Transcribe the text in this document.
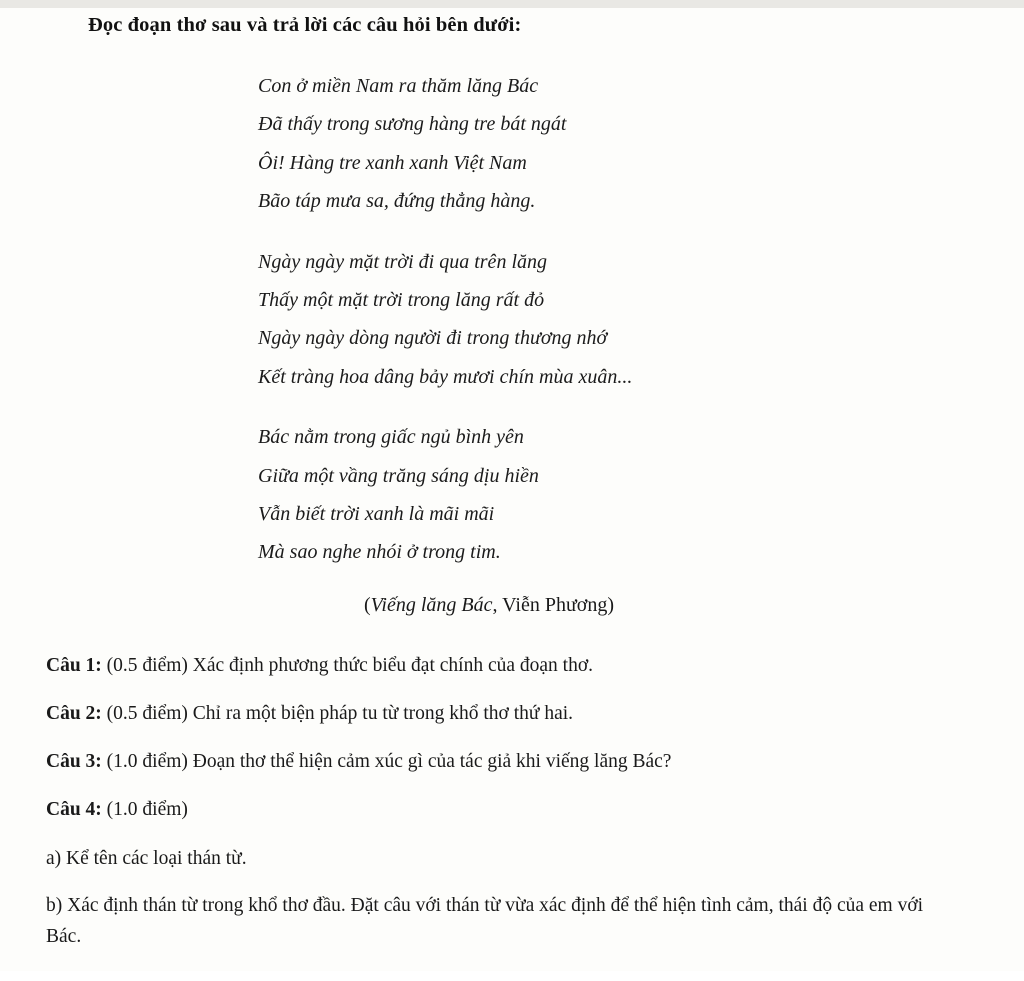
Đọc đoạn thơ sau và trả lời các câu hỏi bên dưới:
Con ở miền Nam ra thăm lăng Bác
Đã thấy trong sương hàng tre bát ngát
Ôi! Hàng tre xanh xanh Việt Nam
Bão táp mưa sa, đứng thẳng hàng.
Ngày ngày mặt trời đi qua trên lăng
Thấy một mặt trời trong lăng rất đỏ
Ngày ngày dòng người đi trong thương nhớ
Kết tràng hoa dâng bảy mươi chín mùa xuân...
Bác nằm trong giấc ngủ bình yên
Giữa một vầng trăng sáng dịu hiền
Vẫn biết trời xanh là mãi mãi
Mà sao nghe nhói ở trong tim.
(Viếng lăng Bác, Viễn Phương)
Câu 1: (0.5 điểm) Xác định phương thức biểu đạt chính của đoạn thơ.
Câu 2: (0.5 điểm) Chỉ ra một biện pháp tu từ trong khổ thơ thứ hai.
Câu 3: (1.0 điểm) Đoạn thơ thể hiện cảm xúc gì của tác giả khi viếng lăng Bác?
Câu 4: (1.0 điểm)
a) Kể tên các loại thán từ.
b) Xác định thán từ trong khổ thơ đầu. Đặt câu với thán từ vừa xác định để thể hiện tình cảm, thái độ của em với Bác.
